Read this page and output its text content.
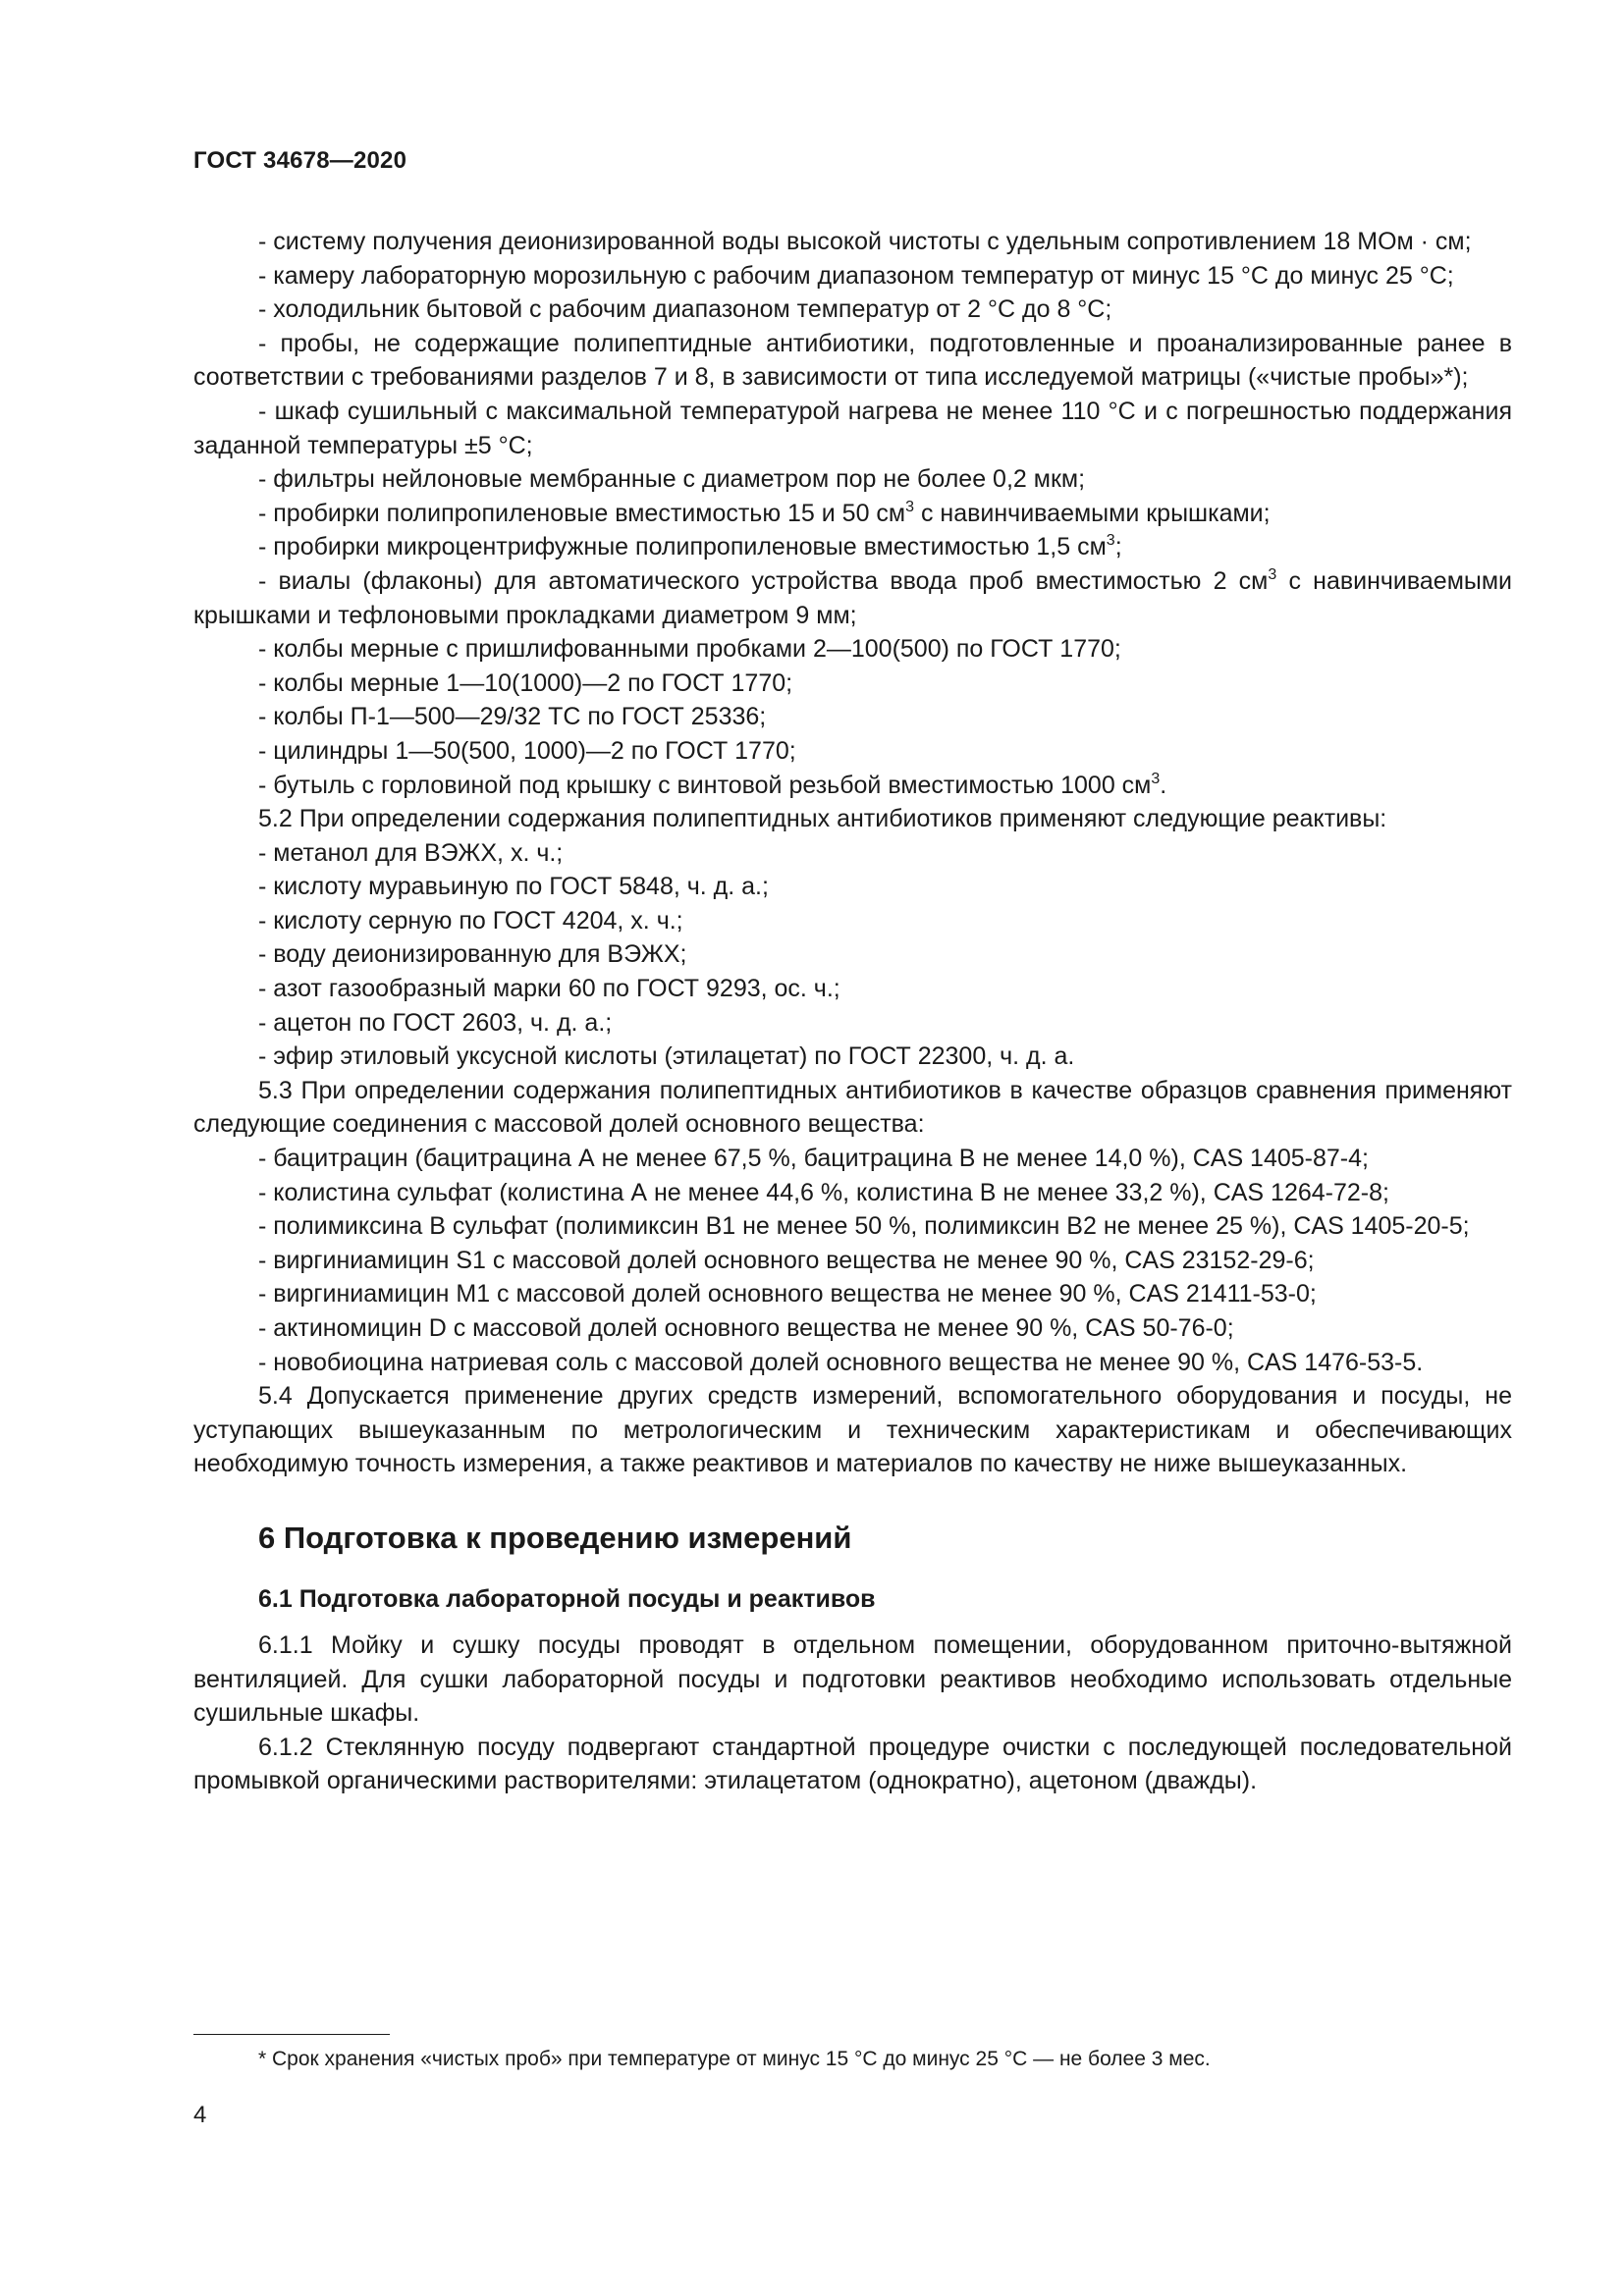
ГОСТ 34678—2020

- систему получения деионизированной воды высокой чистоты с удельным сопротивлением 18 МОм · см;

- камеру лабораторную морозильную с рабочим диапазоном температур от минус 15 °С до минус 25 °С;

- холодильник бытовой с рабочим диапазоном температур от 2 °С до 8 °С;

- пробы, не содержащие полипептидные антибиотики, подготовленные и проанализированные ранее в соответствии с требованиями разделов 7 и 8, в зависимости от типа исследуемой матрицы («чистые пробы»*);

- шкаф сушильный с максимальной температурой нагрева не менее 110 °С и с погрешностью поддержания заданной температуры ±5 °С;

- фильтры нейлоновые мембранные с диаметром пор не более 0,2 мкм;

- пробирки полипропиленовые вместимостью 15 и 50 $см^3$ с навинчиваемыми крышками;

- пробирки микроцентрифужные полипропиленовые вместимостью 1,5 $см^3$;

- виалы (флаконы) для автоматического устройства ввода проб вместимостью 2 $см^3$ с навинчиваемыми крышками и тефлоновыми прокладками диаметром 9 мм;

- колбы мерные с пришлифованными пробками 2—100(500) по ГОСТ 1770;

- колбы мерные 1—10(1000)—2 по ГОСТ 1770;

- колбы П-1—500—29/32 ТС по ГОСТ 25336;

- цилиндры 1—50(500, 1000)—2 по ГОСТ 1770;

- бутыль с горловиной под крышку с винтовой резьбой вместимостью 1000 $см^3$.

5.2 При определении содержания полипептидных антибиотиков применяют следующие реактивы:

- метанол для ВЭЖХ, х. ч.;

- кислоту муравьиную по ГОСТ 5848, ч. д. а.;

- кислоту серную по ГОСТ 4204, х. ч.;

- воду деионизированную для ВЭЖХ;

- азот газообразный марки 60 по ГОСТ 9293, ос. ч.;

- ацетон по ГОСТ 2603, ч. д. а.;

- эфир этиловый уксусной кислоты (этилацетат) по ГОСТ 22300, ч. д. а.

5.3 При определении содержания полипептидных антибиотиков в качестве образцов сравнения применяют следующие соединения с массовой долей основного вещества:

- бацитрацин (бацитрацина А не менее 67,5 %, бацитрацина В не менее 14,0 %), CAS 1405-87-4;

- колистина сульфат (колистина А не менее 44,6 %, колистина В не менее 33,2 %), CAS 1264-72-8;

- полимиксина В сульфат (полимиксин В1 не менее 50 %, полимиксин В2 не менее 25 %), CAS 1405-20-5;

- виргиниамицин S1 с массовой долей основного вещества не менее 90 %, CAS 23152-29-6;

- виргиниамицин M1 с массовой долей основного вещества не менее 90 %, CAS 21411-53-0;

- актиномицин D с массовой долей основного вещества не менее 90 %, CAS 50-76-0;

- новобиоцина натриевая соль с массовой долей основного вещества не менее 90 %, CAS 1476-53-5.

5.4 Допускается применение других средств измерений, вспомогательного оборудования и посуды, не уступающих вышеуказанным по метрологическим и техническим характеристикам и обеспечивающих необходимую точность измерения, а также реактивов и материалов по качеству не ниже вышеуказанных.

6 Подготовка к проведению измерений
6.1 Подготовка лабораторной посуды и реактивов

6.1.1 Мойку и сушку посуды проводят в отдельном помещении, оборудованном приточно-вытяжной вентиляцией. Для сушки лабораторной посуды и подготовки реактивов необходимо использовать отдельные сушильные шкафы.

6.1.2 Стеклянную посуду подвергают стандартной процедуре очистки с последующей последовательной промывкой органическими растворителями: этилацетатом (однократно), ацетоном (дважды).

* Срок хранения «чистых проб» при температуре от минус 15 °С до минус 25 °С — не более 3 мес.
4
